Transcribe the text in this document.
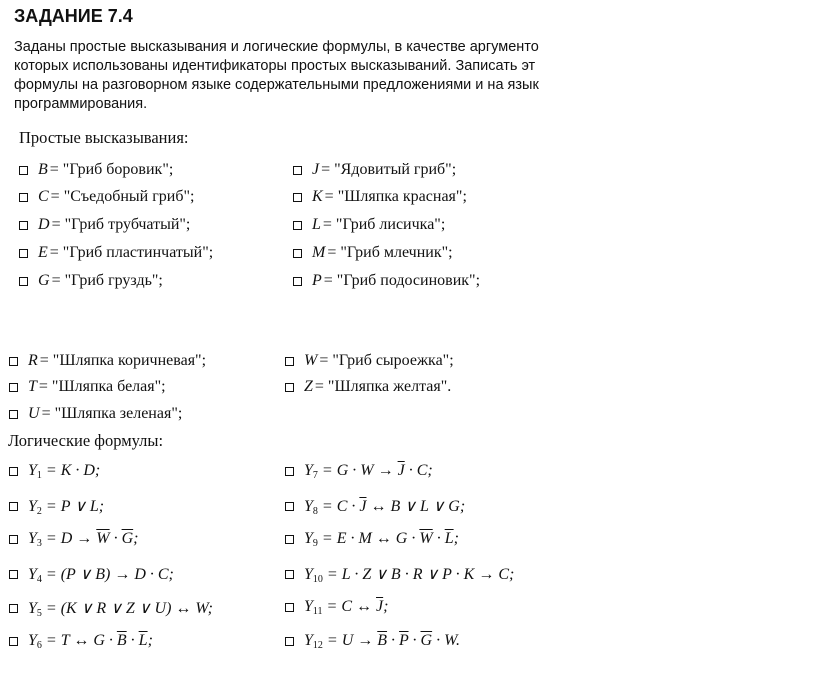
ЗАДАНИЕ 7.4
Заданы простые высказывания и логические формулы, в качестве аргументо
которых использованы идентификаторы простых высказываний. Записать эт
формулы на разговорном языке содержательными предложениями и на язык
программирования.
Простые высказывания:
Логические формулы:
B = "Гриб боровик";
C = "Съедобный гриб";
D = "Гриб трубчатый";
E = "Гриб пластинчатый";
G = "Гриб груздь";
J = "Ядовитый гриб";
K = "Шляпка красная";
L = "Гриб лисичка";
M = "Гриб млечник";
P = "Гриб подосиновик";
R = "Шляпка коричневая";
T = "Шляпка белая";
U = "Шляпка зеленая";
W = "Гриб сыроежка";
Z = "Шляпка желтая".
$Y_1 = K \cdot D$;
$Y_2 = P$ ∨ L;
$Y_3 = D \to \overline{W} \cdot \overline{G}$;
$Y_4 = (P$ ∨ B) → D · C;
$Y_5 = (K$ ∨ R ∨ Z ∨ U) ↔ W;
$Y_6 = T$ ↔ $G \cdot \overline{B} \cdot \overline{L}$;
$Y_7 = G \cdot W \to \overline{J} \cdot C$;
$Y_8 = C \cdot \overline{J}$ ↔ B ∨ L ∨ G;
$Y_9 = E \cdot M$ ↔ $G \cdot \overline{W} \cdot \overline{L}$;
$Y_{10} = L \cdot Z$ ∨ B · R ∨ P · K → C;
$Y_{11} = C$ ↔ $\overline{J}$;
$Y_{12} = U \to \overline{B} \cdot \overline{P} \cdot \overline{G} \cdot W$.
